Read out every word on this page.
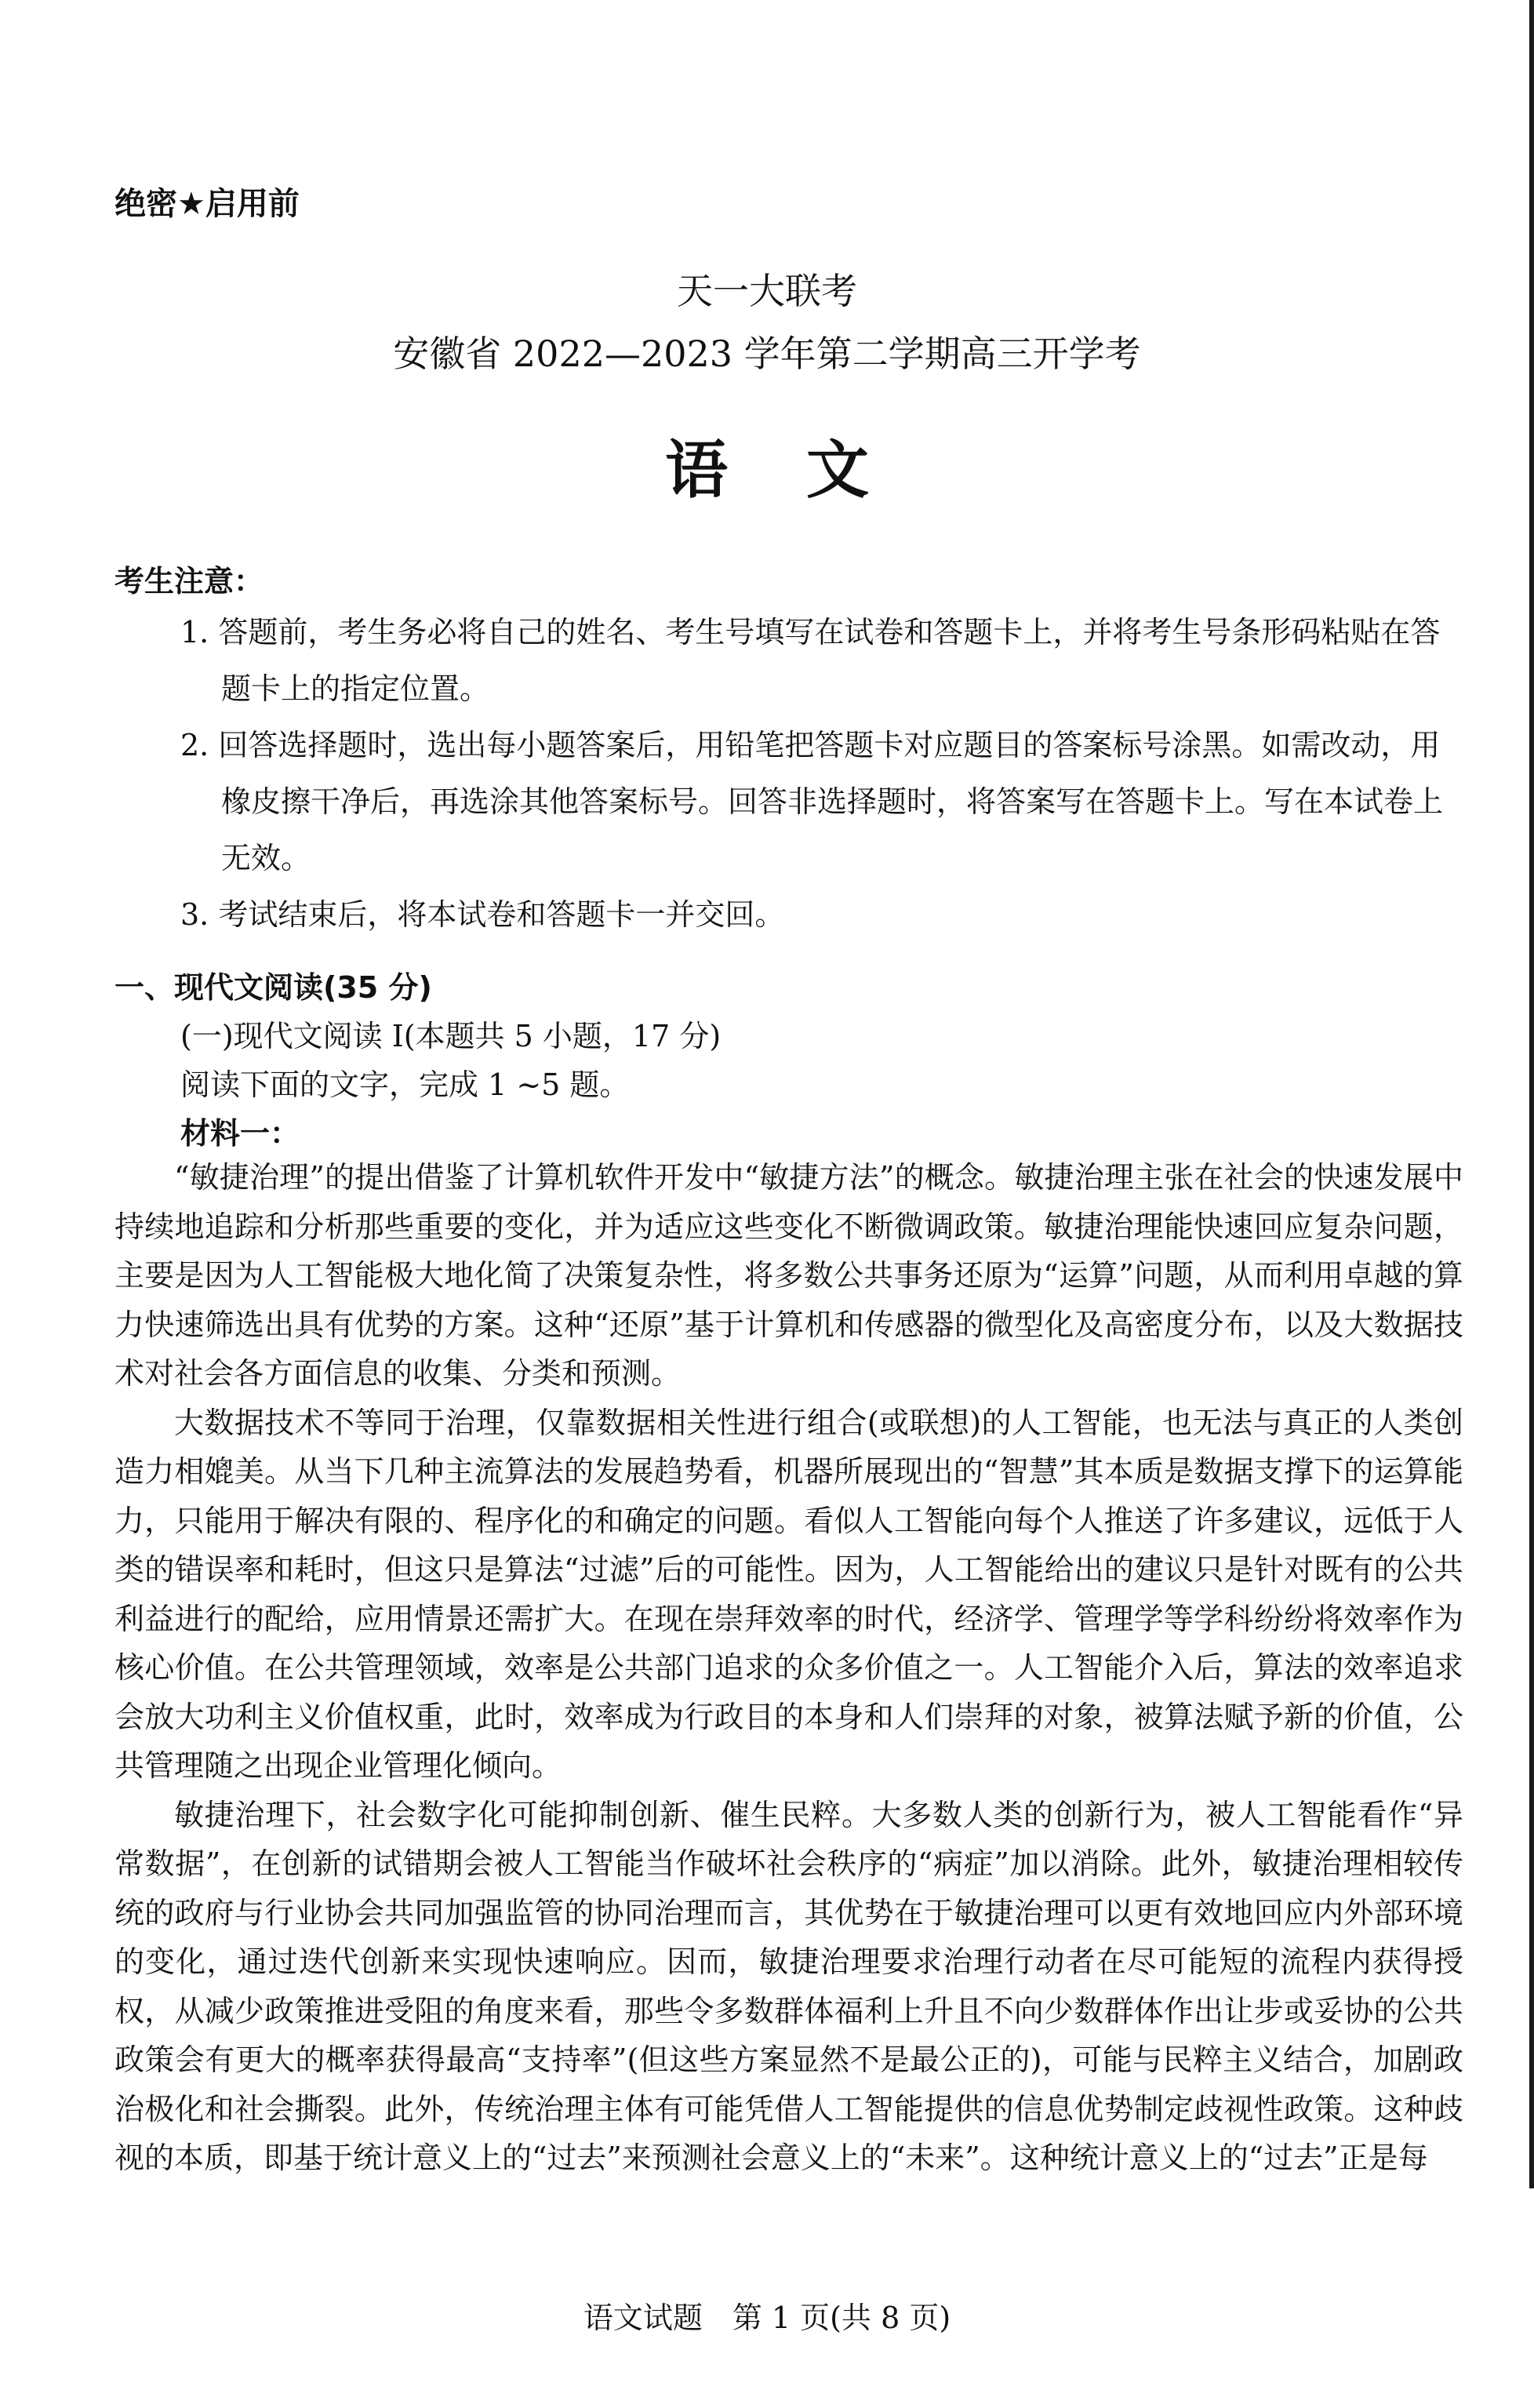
绝密★启用前
天一大联考
安徽省 2022—2023 学年第二学期高三开学考
语文
考生注意：

1. 答题前，考生务必将自己的姓名、考生号填写在试卷和答题卡上，并将考生号条形码粘贴在答题卡上的指定位置。

2. 回答选择题时，选出每小题答案后，用铅笔把答题卡对应题目的答案标号涂黑。如需改动，用橡皮擦干净后，再选涂其他答案标号。回答非选择题时，将答案写在答题卡上。写在本试卷上无效。

3. 考试结束后，将本试卷和答题卡一并交回。

一、现代文阅读(35 分)
(一)现代文阅读 Ⅰ(本题共 5 小题，17 分)
阅读下面的文字，完成 1 ~5 题。
材料一：

“敏捷治理”的提出借鉴了计算机软件开发中“敏捷方法”的概念。敏捷治理主张在社会的快速发展中持续地追踪和分析那些重要的变化，并为适应这些变化不断微调政策。敏捷治理能快速回应复杂问题，主要是因为人工智能极大地化简了决策复杂性，将多数公共事务还原为“运算”问题，从而利用卓越的算力快速筛选出具有优势的方案。这种“还原”基于计算机和传感器的微型化及高密度分布，以及大数据技术对社会各方面信息的收集、分类和预测。

大数据技术不等同于治理，仅靠数据相关性进行组合(或联想)的人工智能，也无法与真正的人类创造力相媲美。从当下几种主流算法的发展趋势看，机器所展现出的“智慧”其本质是数据支撑下的运算能力，只能用于解决有限的、程序化的和确定的问题。看似人工智能向每个人推送了许多建议，远低于人类的错误率和耗时，但这只是算法“过滤”后的可能性。因为，人工智能给出的建议只是针对既有的公共利益进行的配给，应用情景还需扩大。在现在崇拜效率的时代，经济学、管理学等学科纷纷将效率作为核心价值。在公共管理领域，效率是公共部门追求的众多价值之一。人工智能介入后，算法的效率追求会放大功利主义价值权重，此时，效率成为行政目的本身和人们崇拜的对象，被算法赋予新的价值，公共管理随之出现企业管理化倾向。

敏捷治理下，社会数字化可能抑制创新、催生民粹。大多数人类的创新行为，被人工智能看作“异常数据”，在创新的试错期会被人工智能当作破坏社会秩序的“病症”加以消除。此外，敏捷治理相较传统的政府与行业协会共同加强监管的协同治理而言，其优势在于敏捷治理可以更有效地回应内外部环境的变化，通过迭代创新来实现快速响应。因而，敏捷治理要求治理行动者在尽可能短的流程内获得授权，从减少政策推进受阻的角度来看，那些令多数群体福利上升且不向少数群体作出让步或妥协的公共政策会有更大的概率获得最高“支持率”(但这些方案显然不是最公正的)，可能与民粹主义结合，加剧政治极化和社会撕裂。此外，传统治理主体有可能凭借人工智能提供的信息优势制定歧视性政策。这种歧视的本质，即基于统计意义上的“过去”来预测社会意义上的“未来”。这种统计意义上的“过去”正是每

语文试题　第 1 页(共 8 页)
